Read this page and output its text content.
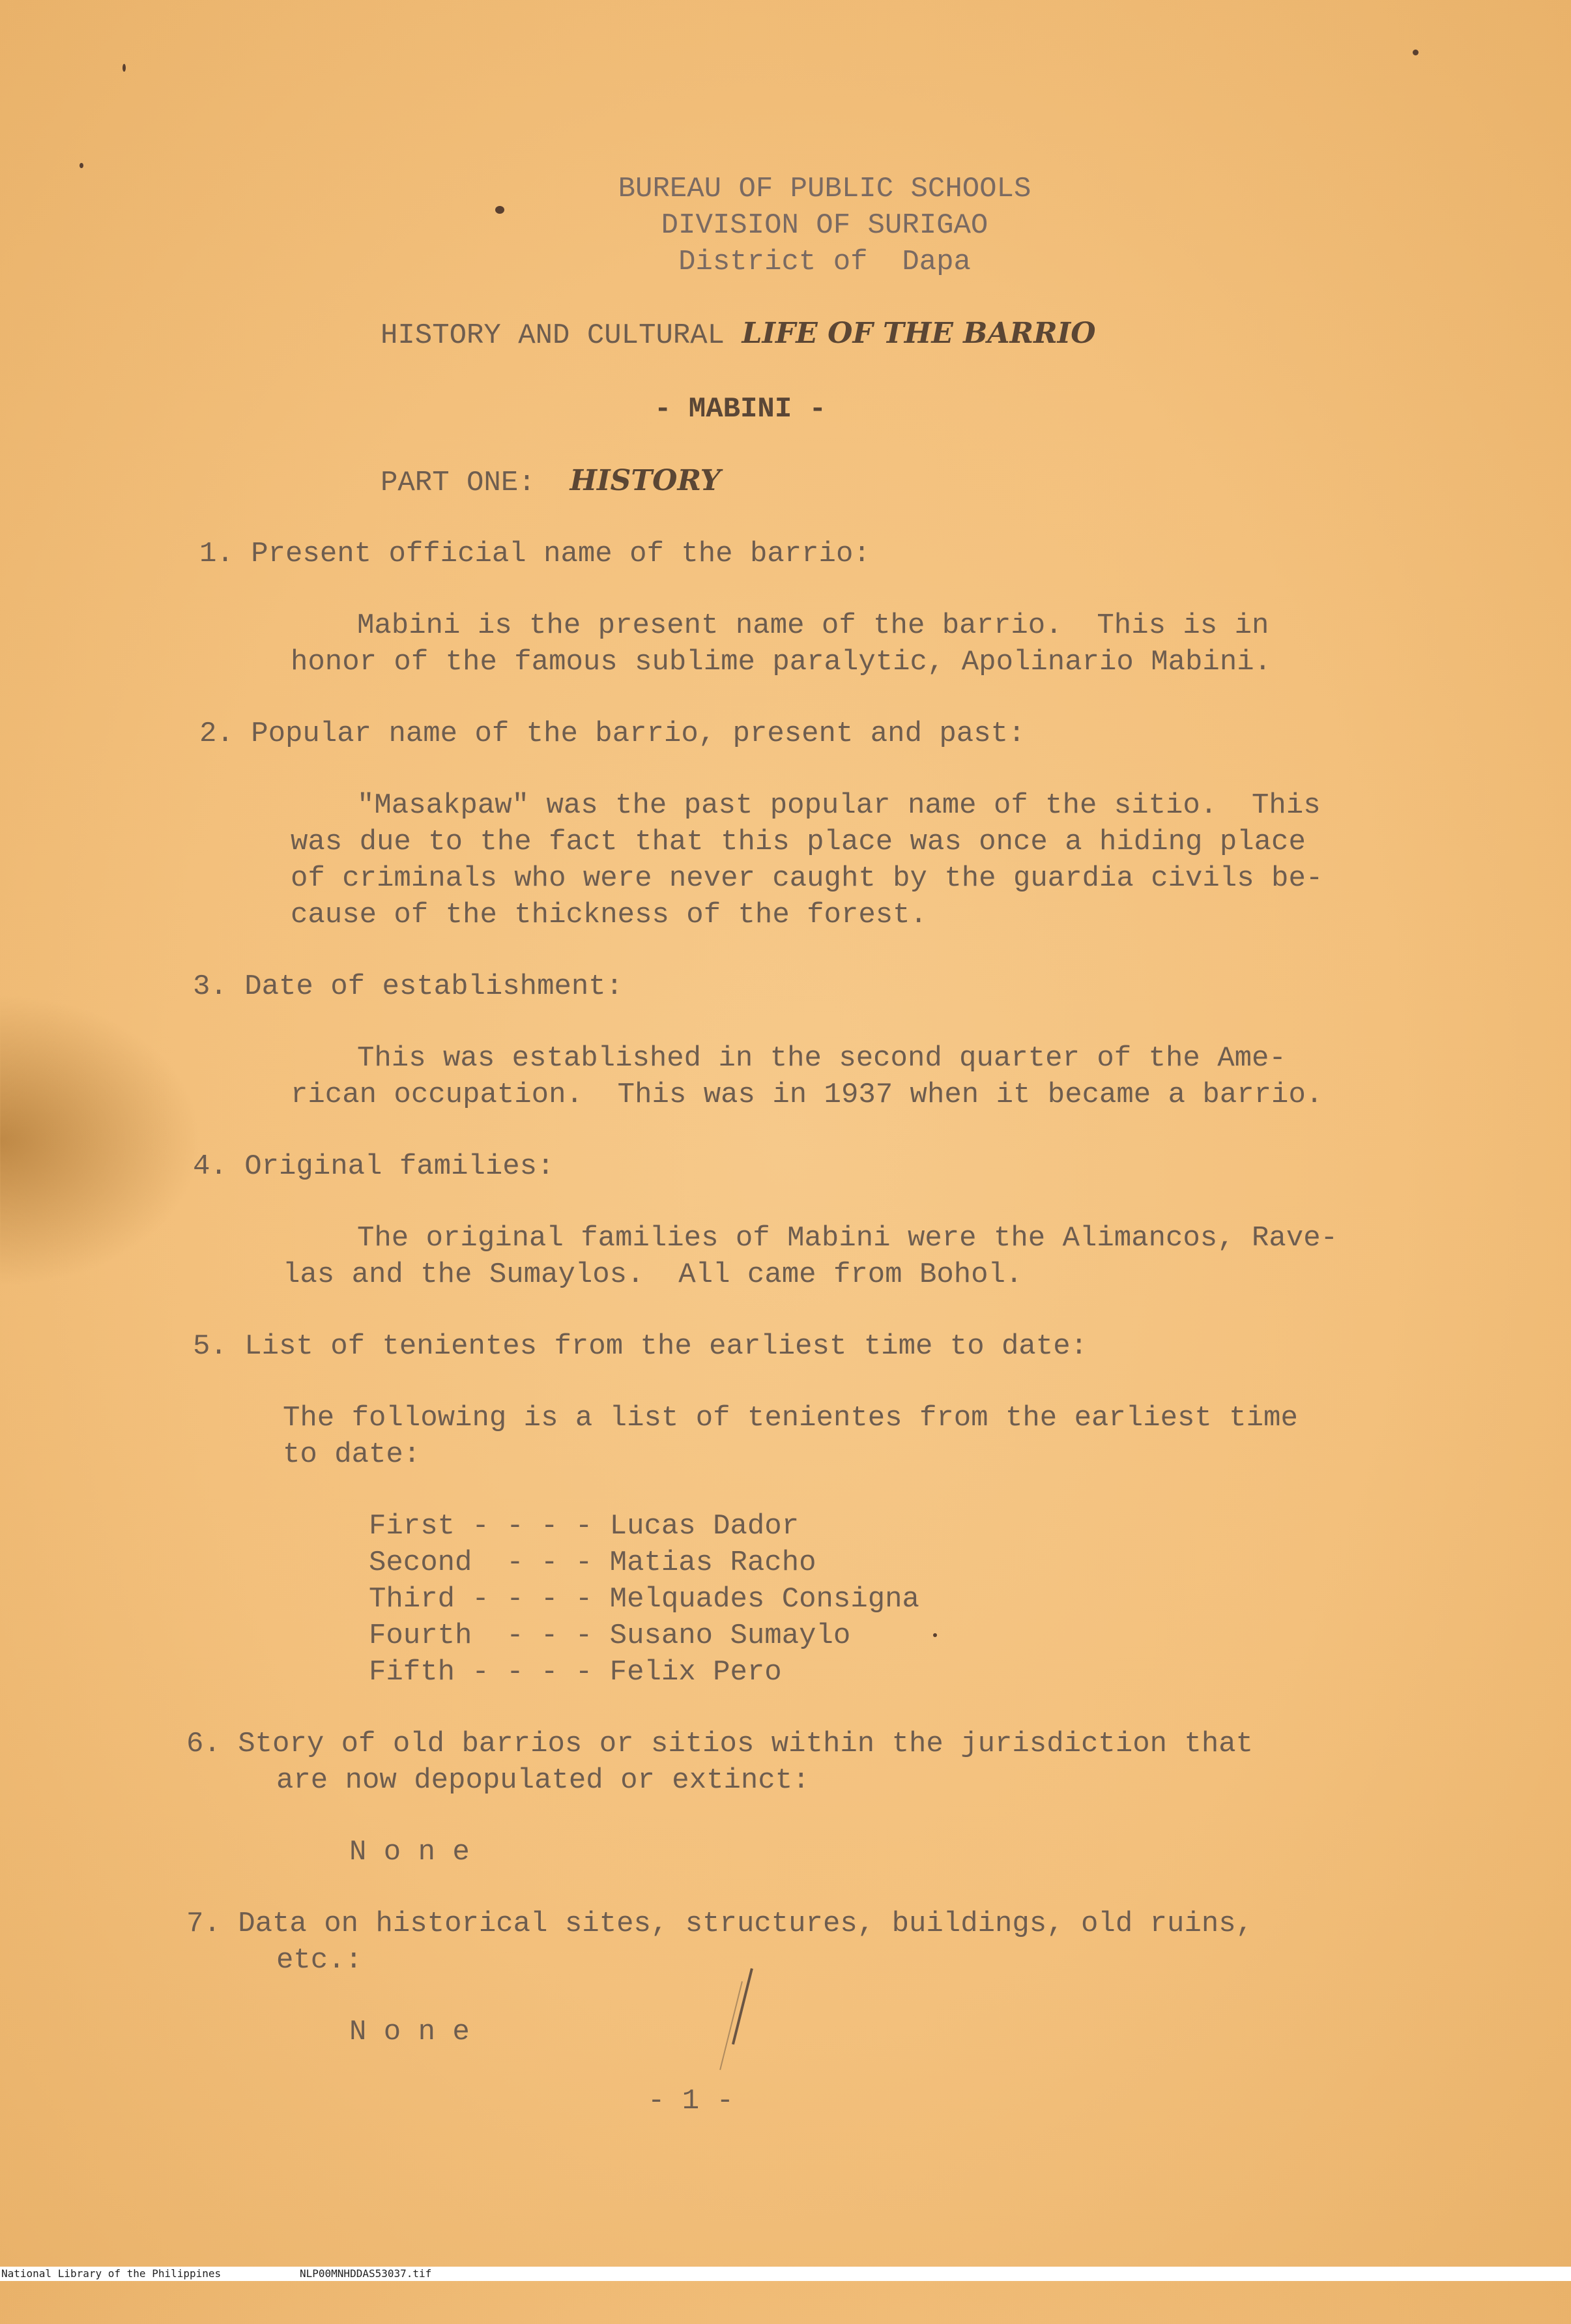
BUREAU OF PUBLIC SCHOOLS
DIVISION OF SURIGAO
District of  Dapa
HISTORY AND CULTURAL LIFE OF THE BARRIO
- MABINI -
PART ONE:  HISTORY
1. Present official name of the barrio:
Mabini is the present name of the barrio.  This is in
honor of the famous sublime paralytic, Apolinario Mabini.
2. Popular name of the barrio, present and past:
"Masakpaw" was the past popular name of the sitio.  This
was due to the fact that this place was once a hiding place
of criminals who were never caught by the guardia civils be-
cause of the thickness of the forest.
3. Date of establishment:
This was established in the second quarter of the Ame-
rican occupation.  This was in 1937 when it became a barrio.
4. Original families:
The original families of Mabini were the Alimancos, Rave-
las and the Sumaylos.  All came from Bohol.
5. List of tenientes from the earliest time to date:
The following is a list of tenientes from the earliest time
to date:
First - - - - Lucas Dador
Second  - - - Matias Racho
Third - - - - Melquades Consigna
Fourth  - - - Susano Sumaylo
Fifth - - - - Felix Pero
6. Story of old barrios or sitios within the jurisdiction that
are now depopulated or extinct:
N o n e
7. Data on historical sites, structures, buildings, old ruins,
etc.:
N o n e
- 1 -

National Library of the Philippines

	NLP00MNHDDAS53037.tif
